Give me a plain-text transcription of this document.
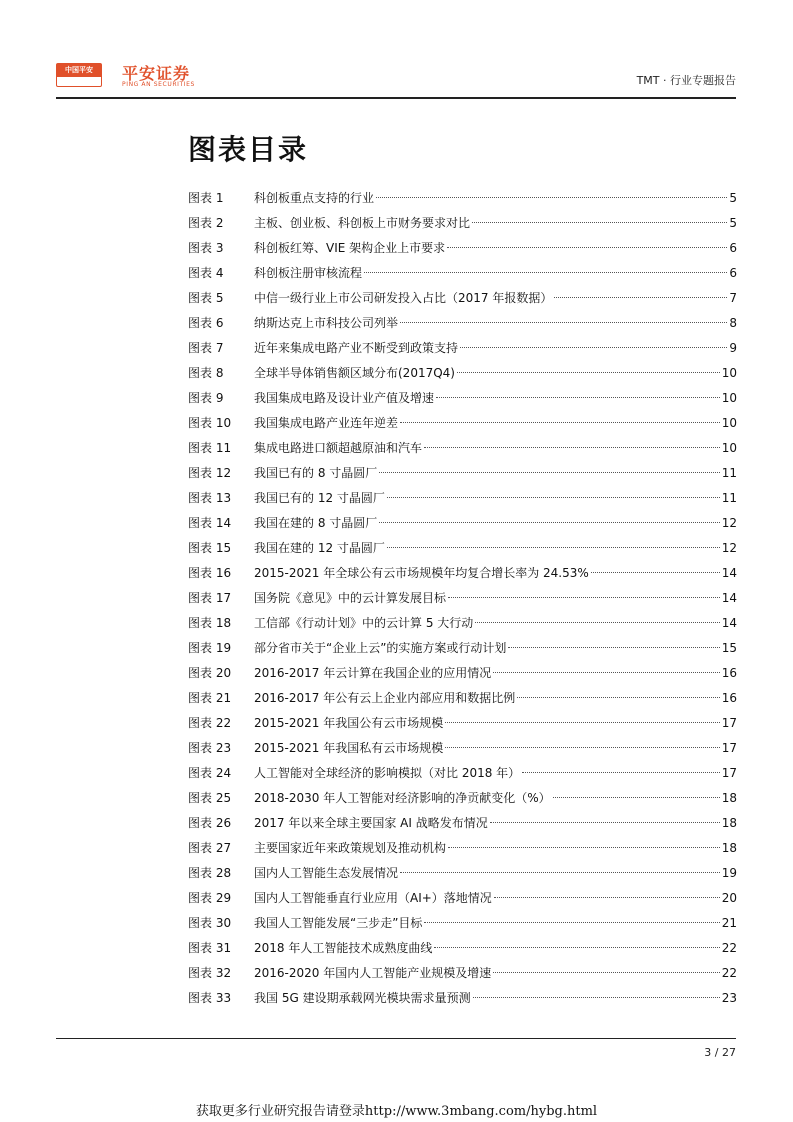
中国平安	平安证券
PING AN SECURITIES	TMT · 行业专题报告
图表目录
图表 1	科创板重点支持的行业	5
图表 2	主板、创业板、科创板上市财务要求对比	5
图表 3	科创板红筹、VIE 架构企业上市要求	6
图表 4	科创板注册审核流程	6
图表 5	中信一级行业上市公司研发投入占比（2017 年报数据）	7
图表 6	纳斯达克上市科技公司列举	8
图表 7	近年来集成电路产业不断受到政策支持	9
图表 8	全球半导体销售额区域分布(2017Q4)	10
图表 9	我国集成电路及设计业产值及增速	10
图表 10	我国集成电路产业连年逆差	10
图表 11	集成电路进口额超越原油和汽车	10
图表 12	我国已有的 8 寸晶圆厂	11
图表 13	我国已有的 12 寸晶圆厂	11
图表 14	我国在建的 8 寸晶圆厂	12
图表 15	我国在建的 12 寸晶圆厂	12
图表 16	2015-2021 年全球公有云市场规模年均复合增长率为 24.53%	14
图表 17	国务院《意见》中的云计算发展目标	14
图表 18	工信部《行动计划》中的云计算 5 大行动	14
图表 19	部分省市关于“企业上云”的实施方案或行动计划	15
图表 20	2016-2017 年云计算在我国企业的应用情况	16
图表 21	2016-2017 年公有云上企业内部应用和数据比例	16
图表 22	2015-2021 年我国公有云市场规模	17
图表 23	2015-2021 年我国私有云市场规模	17
图表 24	人工智能对全球经济的影响模拟（对比 2018 年）	17
图表 25	2018-2030 年人工智能对经济影响的净贡献变化（%）	18
图表 26	2017 年以来全球主要国家 AI 战略发布情况	18
图表 27	主要国家近年来政策规划及推动机构	18
图表 28	国内人工智能生态发展情况	19
图表 29	国内人工智能垂直行业应用（AI+）落地情况	20
图表 30	我国人工智能发展“三步走”目标	21
图表 31	2018 年人工智能技术成熟度曲线	22
图表 32	2016-2020 年国内人工智能产业规模及增速	22
图表 33	我国 5G 建设期承载网光模块需求量预测	23
3 / 27
获取更多行业研究报告请登录http://www.3mbang.com/hybg.html
